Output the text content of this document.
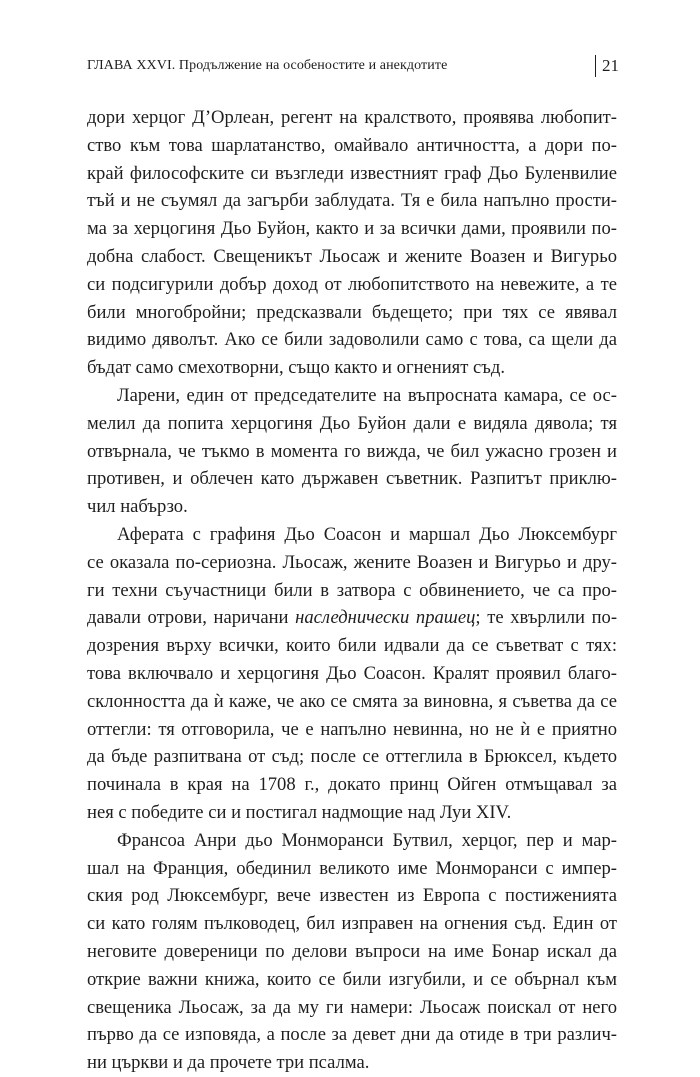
ГЛАВА XXVI. Продължение на особеностите и анекдотите	21

дори херцог Д’Орлеан, регент на кралството, проявява любопит-
ство към това шарлатанство, омайвало античността, а дори по-
край философските си възгледи известният граф Дьо Буленвилие
тъй и не съумял да загърби заблудата. Тя е била напълно прости-
ма за херцогиня Дьо Буйон, както и за всички дами, проявили по-
добна слабост. Свещеникът Льосаж и жените Воазен и Вигурьо
си подсигурили добър доход от любопитството на невежите, а те
били многобройни; предсказвали бъдещето; при тях се явявал
видимо дяволът. Ако се били задоволили само с това, са щели да
бъдат само смехотворни, също както и огненият съд.

Ларени, един от председателите на въпросната камара, се ос-
мелил да попита херцогиня Дьо Буйон дали е видяла дявола; тя
отвърнала, че тъкмо в момента го вижда, че бил ужасно грозен и
противен, и облечен като държавен съветник. Разпитът приклю-
чил набързо.

Аферата с графиня Дьо Соасон и маршал Дьо Люксембург
се оказала по-сериозна. Льосаж, жените Воазен и Вигурьо и дру-
ги техни съучастници били в затвора с обвинението, че са про-
давали отрови, наричани наследнически прашец; те хвърлили по-
дозрения върху всички, които били идвали да се съветват с тях:
това включвало и херцогиня Дьо Соасон. Кралят проявил благо-
склонността да ѝ каже, че ако се смята за виновна, я съветва да се
оттегли: тя отговорила, че е напълно невинна, но не ѝ е приятно
да бъде разпитвана от съд; после се оттеглила в Брюксел, където
починала в края на 1708 г., докато принц Ойген отмъщавал за
нея с победите си и постигал надмощие над Луи XIV.

Франсоа Анри дьо Монморанси Бутвил, херцог, пер и мар-
шал на Франция, обединил великото име Монморанси с импер-
ския род Люксембург, вече известен из Европа с постиженията
си като голям пълководец, бил изправен на огнения съд. Един от
неговите довереници по делови въпроси на име Бонар искал да
открие важни книжа, които се били изгубили, и се обърнал към
свещеника Льосаж, за да му ги намери: Льосаж поискал от него
първо да се изповяда, а после за девет дни да отиде в три различ-
ни църкви и да прочете три псалма.
